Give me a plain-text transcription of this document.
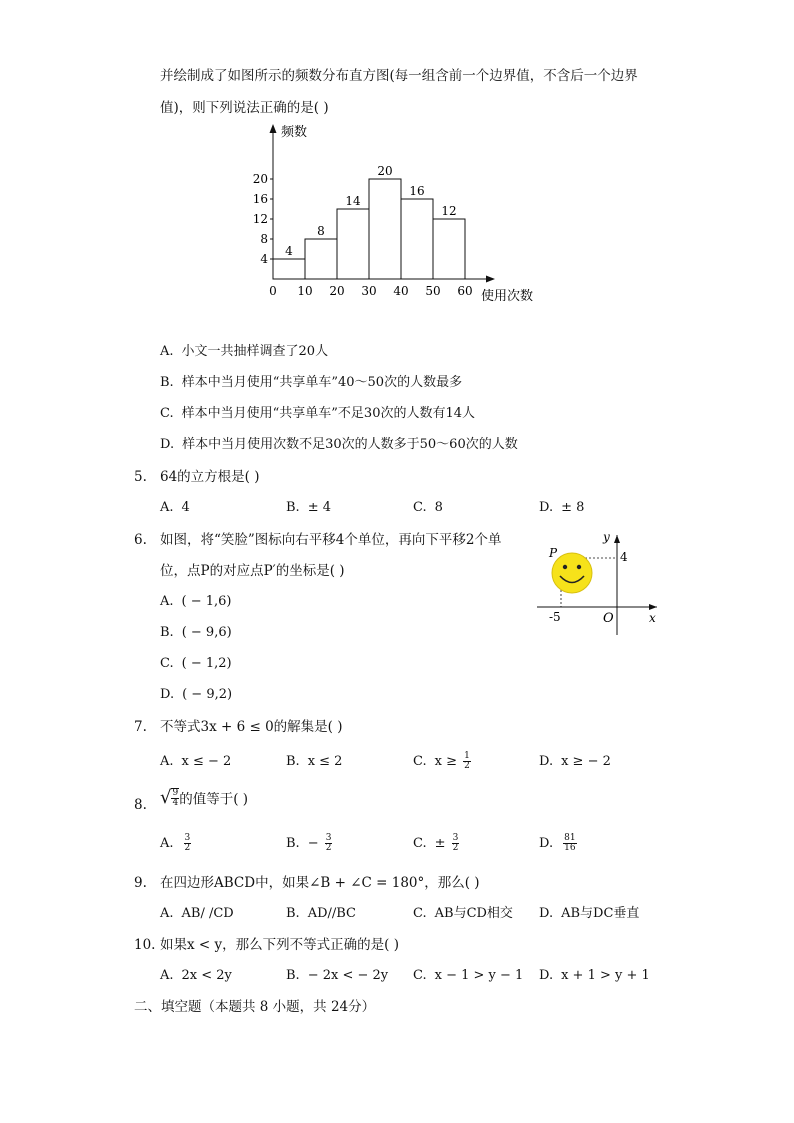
并绘制成了如图所示的频数分布直方图(每一组含前一个边界值，不含后一个边界
值)，则下列说法正确的是( )
4
8
14
20
16
12
4
8
12
16
20
0 10 20 30 40 50 60
频数
使用次数
A. 小文一共抽样调查了20人
B. 样本中当月使用“共享单车”40～50次的人数最多
C. 样本中当月使用“共享单车”不足30次的人数有14人
D. 样本中当月使用次数不足30次的人数多于50～60次的人数
5. 64的立方根是( )
A. 4	B. ± 4	C. 8	D. ± 8
6. 如图，将“笑脸”图标向右平移4个单位，再向下平移2个单
位，点P的对应点P′的坐标是( )
A. ( − 1,6)
B. ( − 9,6)
C. ( − 1,2)
D. ( − 9,2)
P	4
-5	O	x
y
7. 不等式3x + 6 ≤ 0的解集是( )
A. x ≤ − 2	B. x ≤ 2	C. $x \ge \frac{1}{2}$	D. x ≥ − 2
8. √ $\frac{9}{4}$ 的值等于( )
A. $\frac{3}{2}$	B. − $\frac{3}{2}$	C. ± $\frac{3}{2}$	D. $\frac{81}{16}$
9. 在四边形ABCD中，如果∠B + ∠C = 180°，那么( )
A. AB/ /CD	B. AD//BC	C. AB与CD相交 D. AB与DC垂直
10. 如果x < y，那么下列不等式正确的是( )
A. 2x < 2y	B. − 2x < − 2y C. x − 1 > y − 1 D. x + 1 > y + 1
二、填空题（本题共 8 小题，共 24分）
